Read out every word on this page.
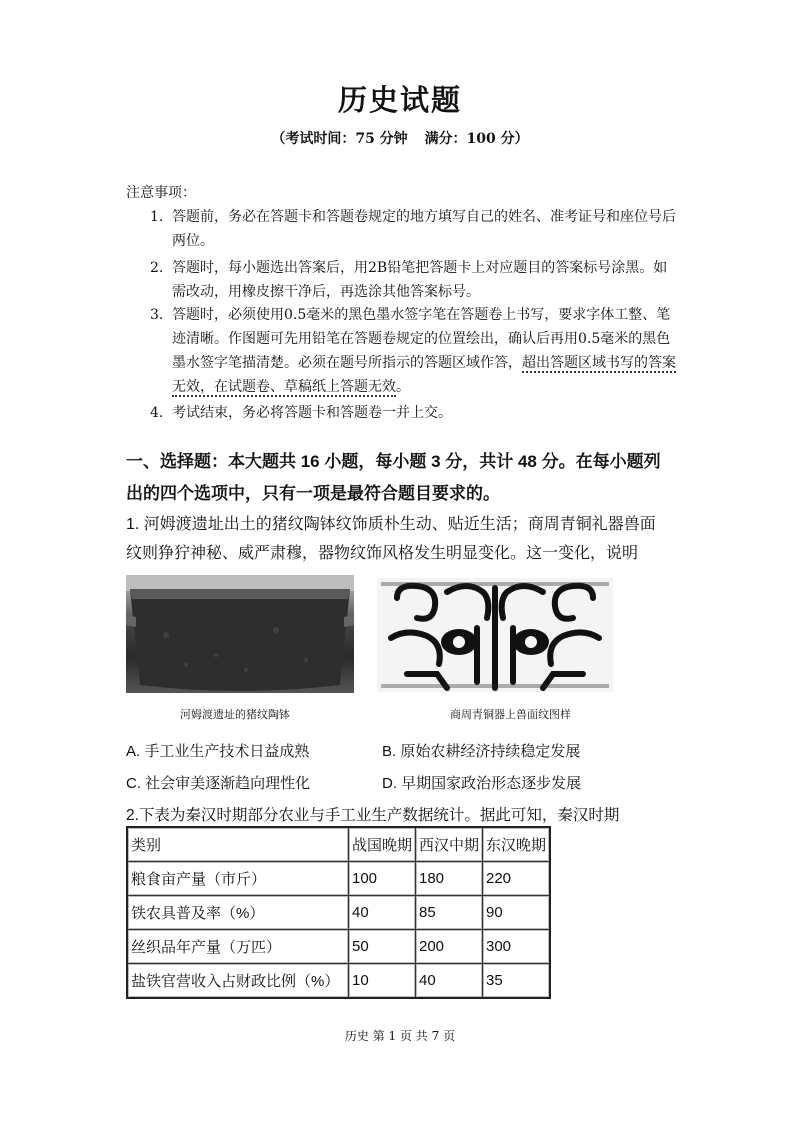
历史试题
（考试时间：75 分钟 满分：100 分）
注意事项：
1. 答题前，务必在答题卡和答题卷规定的地方填写自己的姓名、准考证号和座位号后两位。
2. 答题时，每小题选出答案后，用2B铅笔把答题卡上对应题目的答案标号涂黑。如需改动，用橡皮擦干净后，再选涂其他答案标号。
3. 答题时，必须使用0.5毫米的黑色墨水签字笔在答题卷上书写，要求字体工整、笔迹清晰。作图题可先用铅笔在答题卷规定的位置绘出，确认后再用0.5毫米的黑色墨水签字笔描清楚。必须在题号所指示的答题区域作答，超出答题区域书写的答案无效，在试题卷、草稿纸上答题无效。
4. 考试结束，务必将答题卡和答题卷一并上交。
一、选择题：本大题共 16 小题，每小题 3 分，共计 48 分。在每小题列出的四个选项中，只有一项是最符合题目要求的。
1. 河姆渡遗址出土的猪纹陶钵纹饰质朴生动、贴近生活；商周青铜礼器兽面纹则狰狞神秘、威严肃穆，器物纹饰风格发生明显变化。这一变化，说明
河姆渡遗址的猪纹陶钵	商周青铜器上兽面纹图样
A. 手工业生产技术日益成熟	B. 原始农耕经济持续稳定发展
C. 社会审美逐渐趋向理性化	D. 早期国家政治形态逐步发展
2.下表为秦汉时期部分农业与手工业生产数据统计。据此可知，秦汉时期
类别	战国晚期	西汉中期	东汉晚期
粮食亩产量（市斤）	100	180	220
铁农具普及率（%）	40	85	90
丝织品年产量（万匹）	50	200	300
盐铁官营收入占财政比例（%）	10	40	35
历史 第 1 页 共 7 页
